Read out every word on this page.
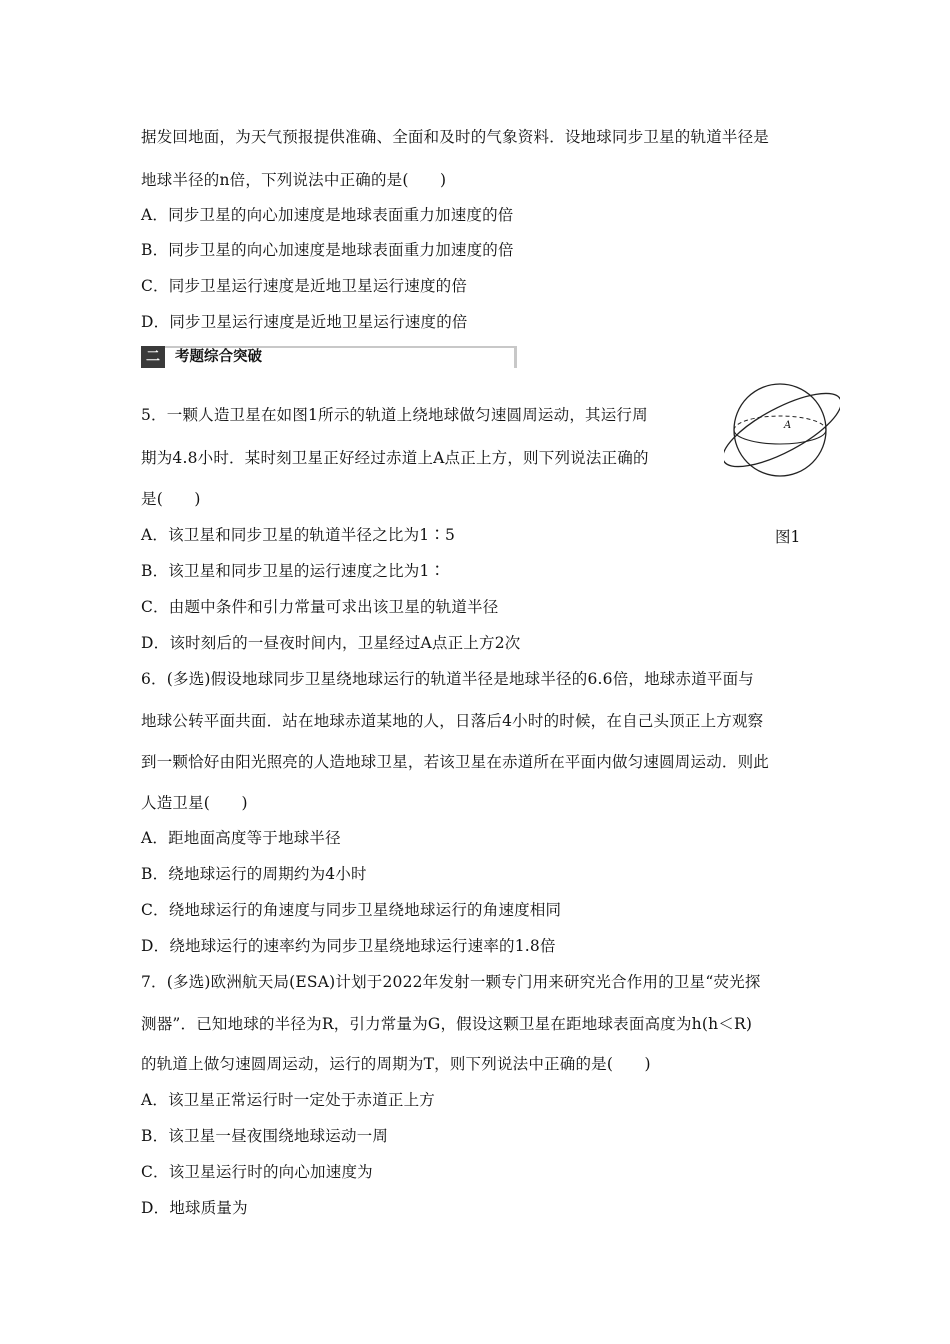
据发回地面，为天气预报提供准确、全面和及时的气象资料．设地球同步卫星的轨道半径是
地球半径的n倍，下列说法中正确的是(　　)
A．同步卫星的向心加速度是地球表面重力加速度的倍
B．同步卫星的向心加速度是地球表面重力加速度的倍
C．同步卫星运行速度是近地卫星运行速度的倍
D．同步卫星运行速度是近地卫星运行速度的倍
二	考题综合突破
5．一颗人造卫星在如图1所示的轨道上绕地球做匀速圆周运动，其运行周
期为4.8小时．某时刻卫星正好经过赤道上A点正上方，则下列说法正确的
是(　　)
A．该卫星和同步卫星的轨道半径之比为1∶5
B．该卫星和同步卫星的运行速度之比为1∶
C．由题中条件和引力常量可求出该卫星的轨道半径
D．该时刻后的一昼夜时间内，卫星经过A点正上方2次
A
图1
6．(多选)假设地球同步卫星绕地球运行的轨道半径是地球半径的6.6倍，地球赤道平面与
地球公转平面共面．站在地球赤道某地的人，日落后4小时的时候，在自己头顶正上方观察
到一颗恰好由阳光照亮的人造地球卫星，若该卫星在赤道所在平面内做匀速圆周运动．则此
人造卫星(　　)
A．距地面高度等于地球半径
B．绕地球运行的周期约为4小时
C．绕地球运行的角速度与同步卫星绕地球运行的角速度相同
D．绕地球运行的速率约为同步卫星绕地球运行速率的1.8倍
7．(多选)欧洲航天局(ESA)计划于2022年发射一颗专门用来研究光合作用的卫星“荧光探
测器”．已知地球的半径为R，引力常量为G，假设这颗卫星在距地球表面高度为h(h＜R)
的轨道上做匀速圆周运动，运行的周期为T，则下列说法中正确的是(　　)
A．该卫星正常运行时一定处于赤道正上方
B．该卫星一昼夜围绕地球运动一周
C．该卫星运行时的向心加速度为
D．地球质量为
